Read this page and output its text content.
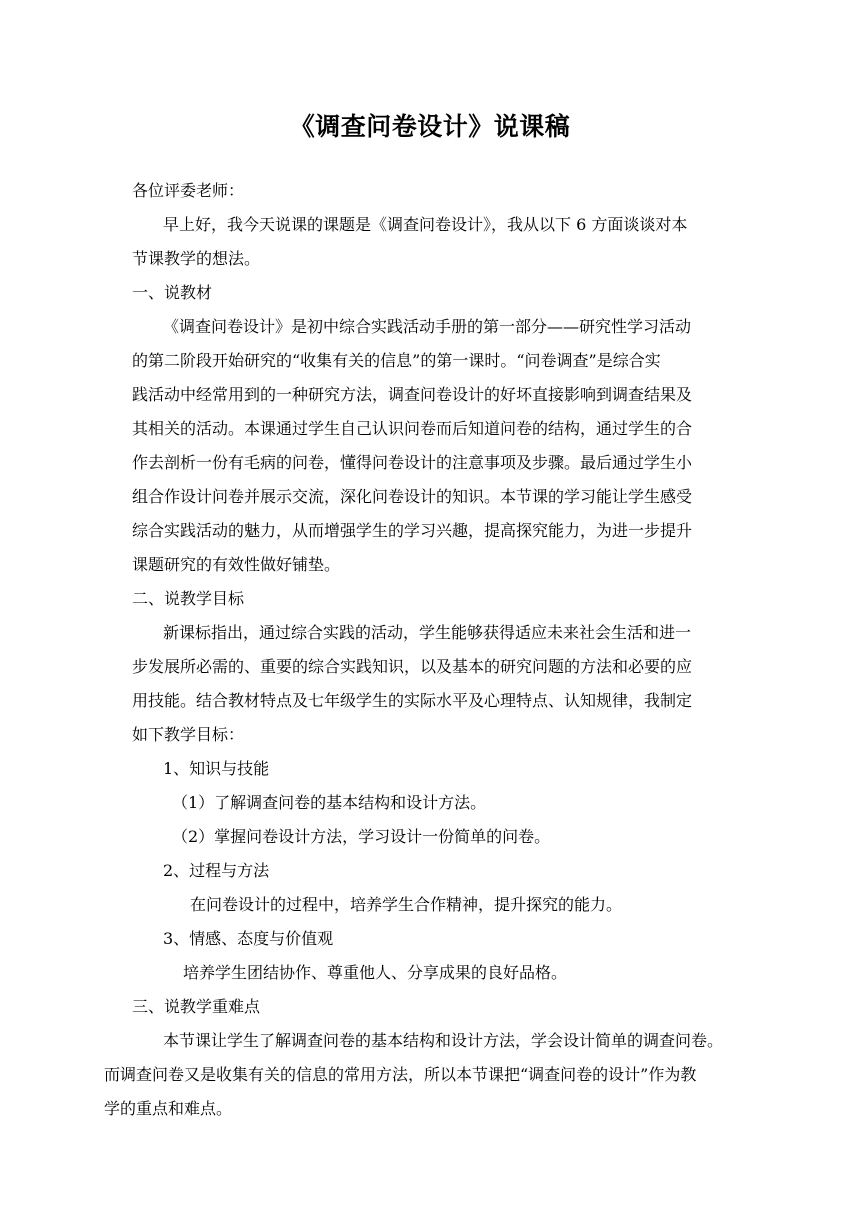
《调查问卷设计》说课稿
各位评委老师：
早上好，我今天说课的课题是《调查问卷设计》，我从以下 6 方面谈谈对本
节课教学的想法。
一、说教材
《调查问卷设计》是初中综合实践活动手册的第一部分——研究性学习活动
的第二阶段开始研究的“收集有关的信息”的第一课时。“问卷调查”是综合实
践活动中经常用到的一种研究方法，调查问卷设计的好坏直接影响到调查结果及
其相关的活动。本课通过学生自己认识问卷而后知道问卷的结构，通过学生的合
作去剖析一份有毛病的问卷，懂得问卷设计的注意事项及步骤。最后通过学生小
组合作设计问卷并展示交流，深化问卷设计的知识。本节课的学习能让学生感受
综合实践活动的魅力，从而增强学生的学习兴趣，提高探究能力，为进一步提升
课题研究的有效性做好铺垫。
二、说教学目标
新课标指出，通过综合实践的活动，学生能够获得适应未来社会生活和进一
步发展所必需的、重要的综合实践知识，以及基本的研究问题的方法和必要的应
用技能。结合教材特点及七年级学生的实际水平及心理特点、认知规律，我制定
如下教学目标：
1、知识与技能
（1）了解调查问卷的基本结构和设计方法。
（2）掌握问卷设计方法，学习设计一份简单的问卷。
2、过程与方法
在问卷设计的过程中，培养学生合作精神，提升探究的能力。
3、情感、态度与价值观
培养学生团结协作、尊重他人、分享成果的良好品格。
三、说教学重难点
本节课让学生了解调查问卷的基本结构和设计方法，学会设计简单的调查问卷。
而调查问卷又是收集有关的信息的常用方法，所以本节课把“调查问卷的设计”作为教
学的重点和难点。
